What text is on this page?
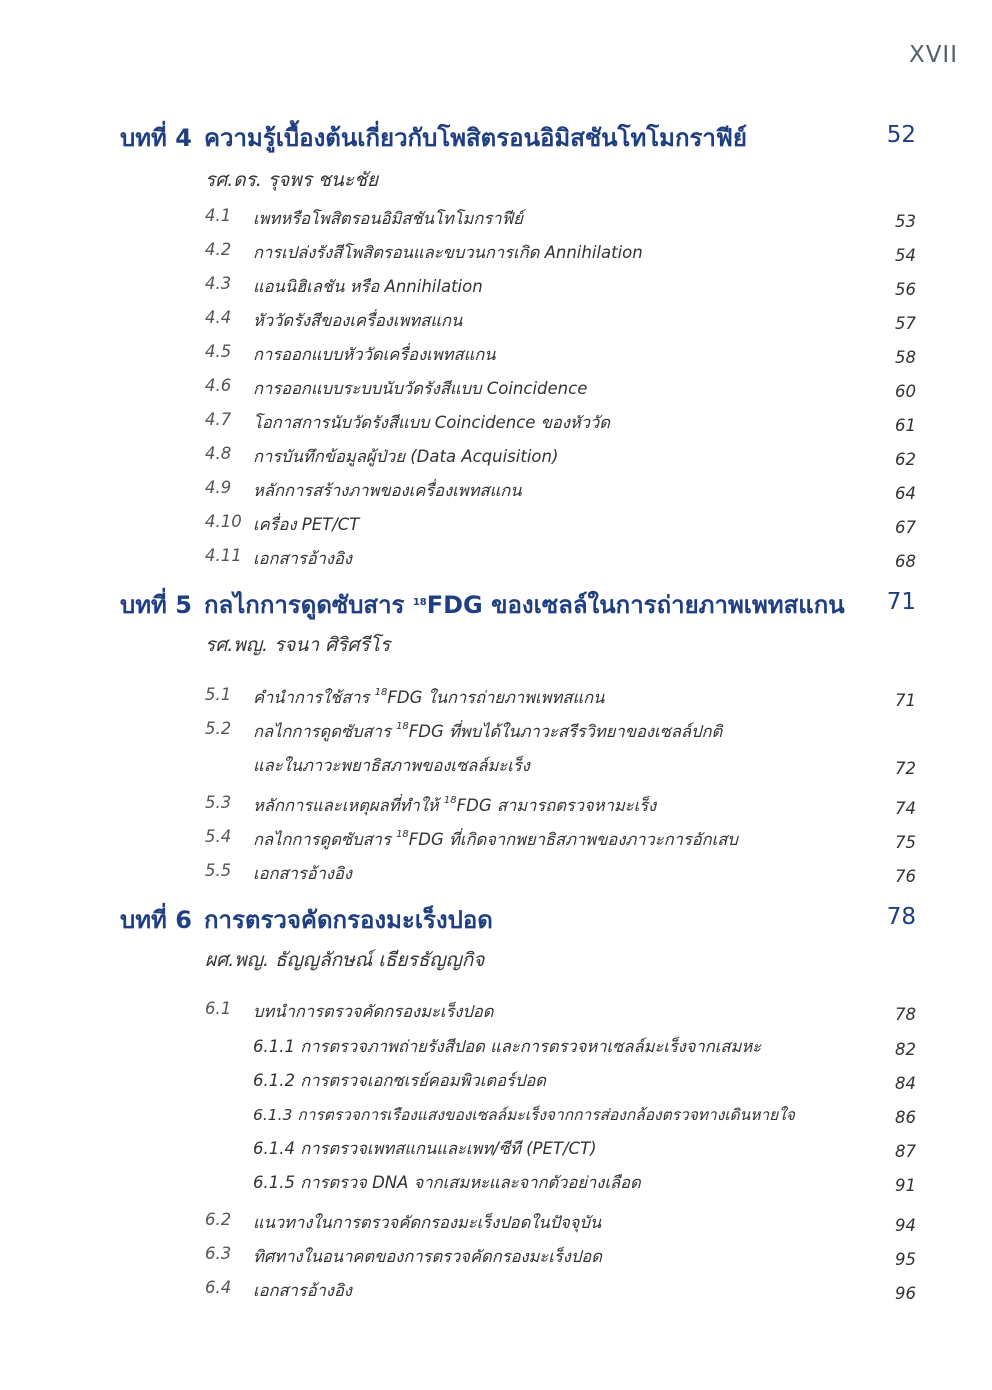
XVII
บทที่ 4 ความรู้เบื้องต้นเกี่ยวกับโพสิตรอนอิมิสชันโทโมกราฟีย์	52
รศ.ดร. รุจพร ชนะชัย
4.1 เพทหรือโพสิตรอนอิมิสชันโทโมกราฟีย์	53
4.2 การเปล่งรังสีโพสิตรอนและขบวนการเกิด Annihilation	54
4.3 แอนนิฮิเลชัน หรือ Annihilation	56
4.4 หัววัดรังสีของเครื่องเพทสแกน	57
4.5 การออกแบบหัววัดเครื่องเพทสแกน	58
4.6 การออกแบบระบบนับวัดรังสีแบบ Coincidence	60
4.7 โอกาสการนับวัดรังสีแบบ Coincidence ของหัววัด	61
4.8 การบันทึกข้อมูลผู้ป่วย (Data Acquisition)	62
4.9 หลักการสร้างภาพของเครื่องเพทสแกน	64
4.10 เครื่อง PET/CT	67
4.11 เอกสารอ้างอิง	68
บทที่ 5 กลไกการดูดซับสาร $^{18}$FDG ของเซลล์ในการถ่ายภาพเพทสแกน 71
รศ.พญ. รจนา ศิริศรีโร
5.1 คำนำการใช้สาร $^{18}$FDG ในการถ่ายภาพเพทสแกน	71
5.2 กลไกการดูดซับสาร $^{18}$FDG ที่พบได้ในภาวะสรีรวิทยาของเซลล์ปกติ
และในภาวะพยาธิสภาพของเซลล์มะเร็ง	72
5.3 หลักการและเหตุผลที่ทำให้ $^{18}$FDG สามารถตรวจหามะเร็ง	74
5.4 กลไกการดูดซับสาร $^{18}$FDG ที่เกิดจากพยาธิสภาพของภาวะการอักเสบ	75
5.5 เอกสารอ้างอิง	76
บทที่ 6 การตรวจคัดกรองมะเร็งปอด	78
ผศ.พญ. ธัญญลักษณ์ เธียรธัญญกิจ
6.1 บทนำการตรวจคัดกรองมะเร็งปอด	78
6.1.1 การตรวจภาพถ่ายรังสีปอด และการตรวจหาเซลล์มะเร็งจากเสมหะ	82
6.1.2 การตรวจเอกซเรย์คอมพิวเตอร์ปอด	84
6.1.3 การตรวจการเรืองแสงของเซลล์มะเร็งจากการส่องกล้องตรวจทางเดินหายใจ	86
6.1.4 การตรวจเพทสแกนและเพท/ซีที (PET/CT)	87
6.1.5 การตรวจ DNA จากเสมหะและจากตัวอย่างเลือด	91
6.2 แนวทางในการตรวจคัดกรองมะเร็งปอดในปัจจุบัน	94
6.3 ทิศทางในอนาคตของการตรวจคัดกรองมะเร็งปอด	95
6.4 เอกสารอ้างอิง	96
